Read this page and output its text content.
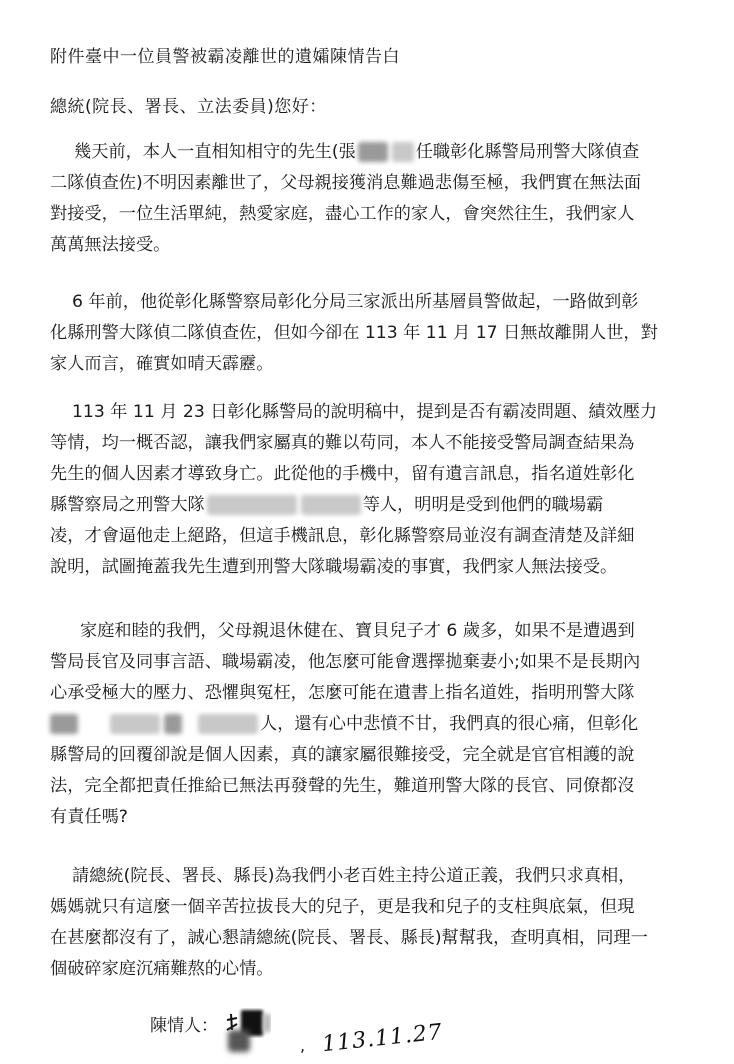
附件臺中一位員警被霸凌離世的遺孀陳情告白
總統(院長、署長、立法委員)您好：
幾天前，本人一直相知相守的先生(張	任職彰化縣警局刑警大隊偵查
二隊偵查佐)不明因素離世了，父母親接獲消息難過悲傷至極，我們實在無法面
對接受，一位生活單純，熱愛家庭，盡心工作的家人，會突然往生，我們家人
萬萬無法接受。
6 年前，他從彰化縣警察局彰化分局三家派出所基層員警做起，一路做到彰
化縣刑警大隊偵二隊偵查佐，但如今卻在 113 年 11 月 17 日無故離開人世，對
家人而言，確實如晴天霹靂。
113 年 11 月 23 日彰化縣警局的說明稿中，提到是否有霸凌問題、績效壓力
等情，均一概否認，讓我們家屬真的難以苟同，本人不能接受警局調查結果為
先生的個人因素才導致身亡。此從他的手機中，留有遺言訊息，指名道姓彰化
縣警察局之刑警大隊	等人，明明是受到他們的職場霸
凌，才會逼他走上絕路，但這手機訊息，彰化縣警察局並沒有調查清楚及詳細
說明，試圖掩蓋我先生遭到刑警大隊職場霸凌的事實，我們家人無法接受。
家庭和睦的我們，父母親退休健在、寶貝兒子才 6 歲多，如果不是遭遇到
警局長官及同事言語、職場霸凌，他怎麼可能會選擇拋棄妻小;如果不是長期內
心承受極大的壓力、恐懼與冤枉，怎麼可能在遺書上指名道姓，指明刑警大隊
人，還有心中悲憤不甘，我們真的很心痛，但彰化
縣警局的回覆卻說是個人因素，真的讓家屬很難接受，完全就是官官相護的說
法，完全都把責任推給已無法再發聲的先生，難道刑警大隊的長官、同僚都沒
有責任嗎?
請總統(院長、署長、縣長)為我們小老百姓主持公道正義，我們只求真相，
媽媽就只有這麼一個辛苦拉拔長大的兒子，更是我和兒子的支柱與底氣，但現
在甚麼都沒有了，誠心懇請總統(院長、署長、縣長)幫幫我，查明真相，同理一
個破碎家庭沉痛難熬的心情。
陳情人：
, 113.11.27
